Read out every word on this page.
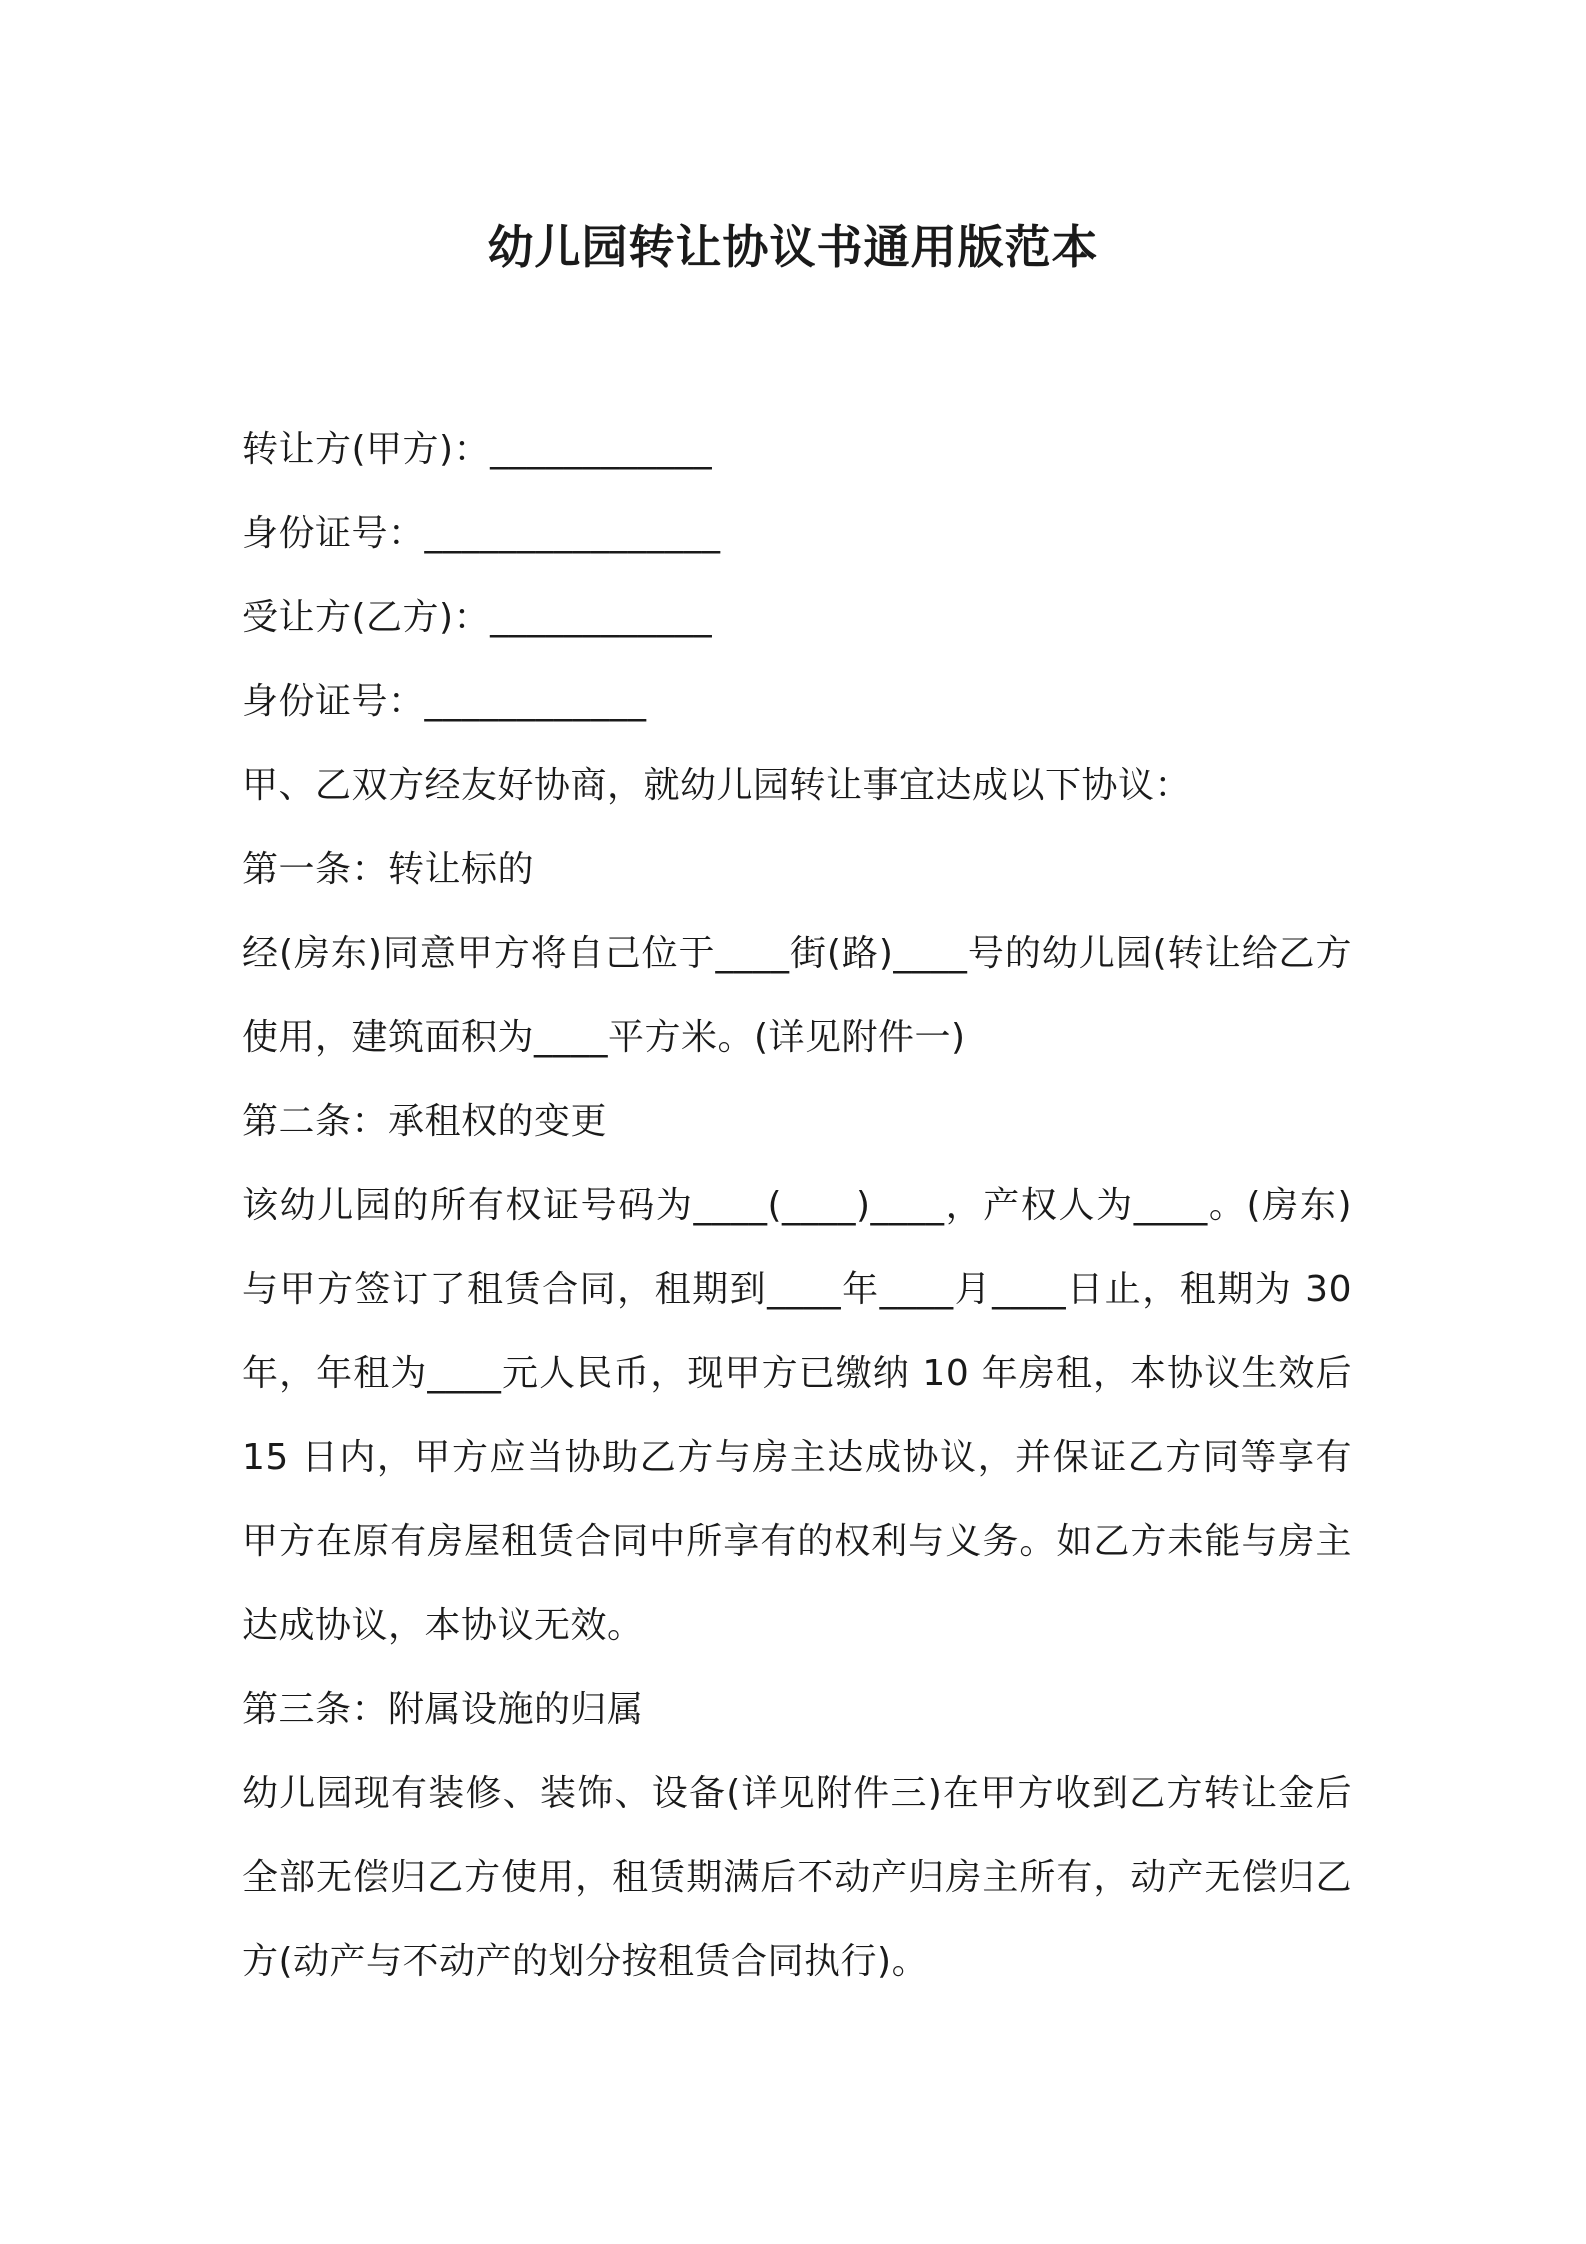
幼儿园转让协议书通用版范本
转让方(甲方)：____________
身份证号：________________
受让方(乙方)：____________
身份证号：____________
甲、乙双方经友好协商，就幼儿园转让事宜达成以下协议：
第一条：转让标的
经(房东)同意甲方将自己位于____街(路)____号的幼儿园(转让给乙方使用，建筑面积为____平方米。(详见附件一)
第二条：承租权的变更
该幼儿园的所有权证号码为____(____)____，产权人为____。(房东)与甲方签订了租赁合同，租期到____年____月____日止，租期为 30 年，年租为____元人民币，现甲方已缴纳 10 年房租，本协议生效后 15 日内，甲方应当协助乙方与房主达成协议，并保证乙方同等享有甲方在原有房屋租赁合同中所享有的权利与义务。如乙方未能与房主达成协议，本协议无效。
第三条：附属设施的归属
幼儿园现有装修、装饰、设备(详见附件三)在甲方收到乙方转让金后全部无偿归乙方使用，租赁期满后不动产归房主所有，动产无偿归乙方(动产与不动产的划分按租赁合同执行)。
